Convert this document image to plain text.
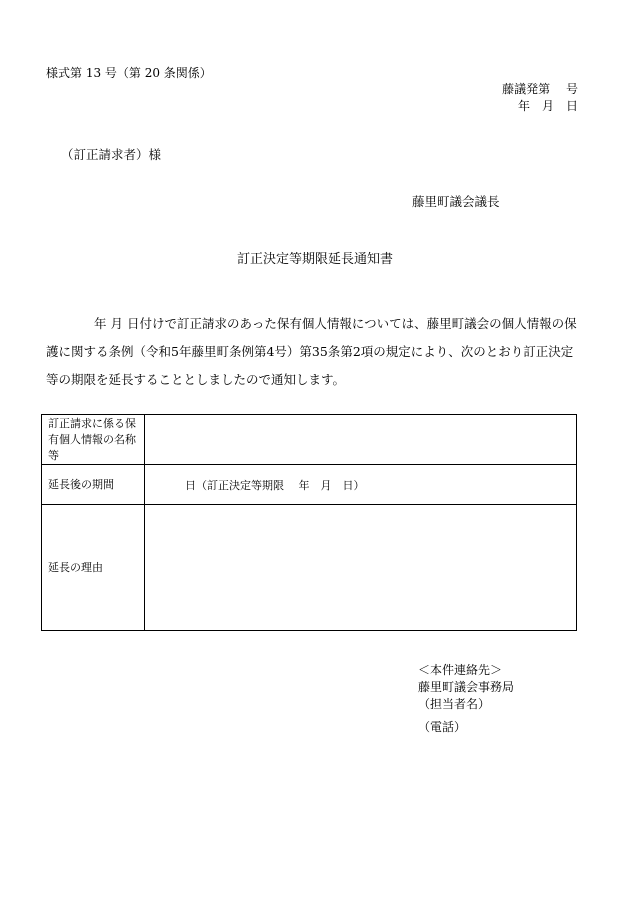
様式第 13 号（第 20 条関係）
藤議発第　 号
年　月　日
（訂正請求者）様
藤里町議会議長
訂正決定等期限延長通知書
年 月 日付けで訂正請求のあった保有個人情報については、藤里町議会の個人情報の保護に関する条例（令和5年藤里町条例第4号）第35条第2項の規定により、次のとおり訂正決定等の期限を延長することとしましたので通知します。
訂正請求に係る保有個人情報の名称等	
延長後の期間	日（訂正決定等期限　 年　月　日）
延長の理由	
＜本件連絡先＞
藤里町議会事務局
（担当者名）
（電話）
